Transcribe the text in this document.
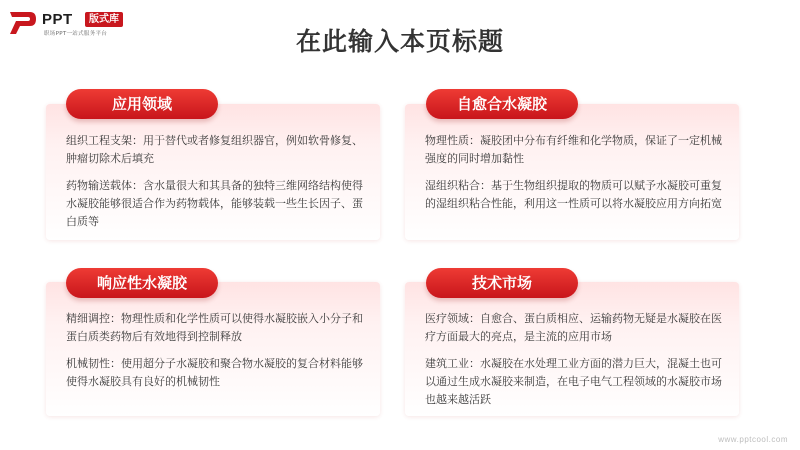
PPT	版式库
职场PPT一站式服务平台	在此输入本页标题

组织工程支架：用于替代或者修复组织器官，例如软骨修复、肿瘤切除术后填充

药物输送载体：含水量很大和其具备的独特三维网络结构使得水凝胶能够很适合作为药物载体，能够装载一些生长因子、蛋白质等

应用领域

物理性质：凝胶团中分布有纤维和化学物质，保证了一定机械强度的同时增加黏性

湿组织粘合：基于生物组织提取的物质可以赋予水凝胶可重复的湿组织粘合性能，利用这一性质可以将水凝胶应用方向拓宽

自愈合水凝胶

精细调控：物理性质和化学性质可以使得水凝胶嵌入小分子和蛋白质类药物后有效地得到控制释放

机械韧性：使用超分子水凝胶和聚合物水凝胶的复合材料能够使得水凝胶具有良好的机械韧性

响应性水凝胶

医疗领域：自愈合、蛋白质相应、运输药物无疑是水凝胶在医疗方面最大的亮点，是主流的应用市场

建筑工业：水凝胶在水处理工业方面的潜力巨大，混凝土也可以通过生成水凝胶来制造，在电子电气工程领域的水凝胶市场也越来越活跃

技术市场
www.pptcool.com
